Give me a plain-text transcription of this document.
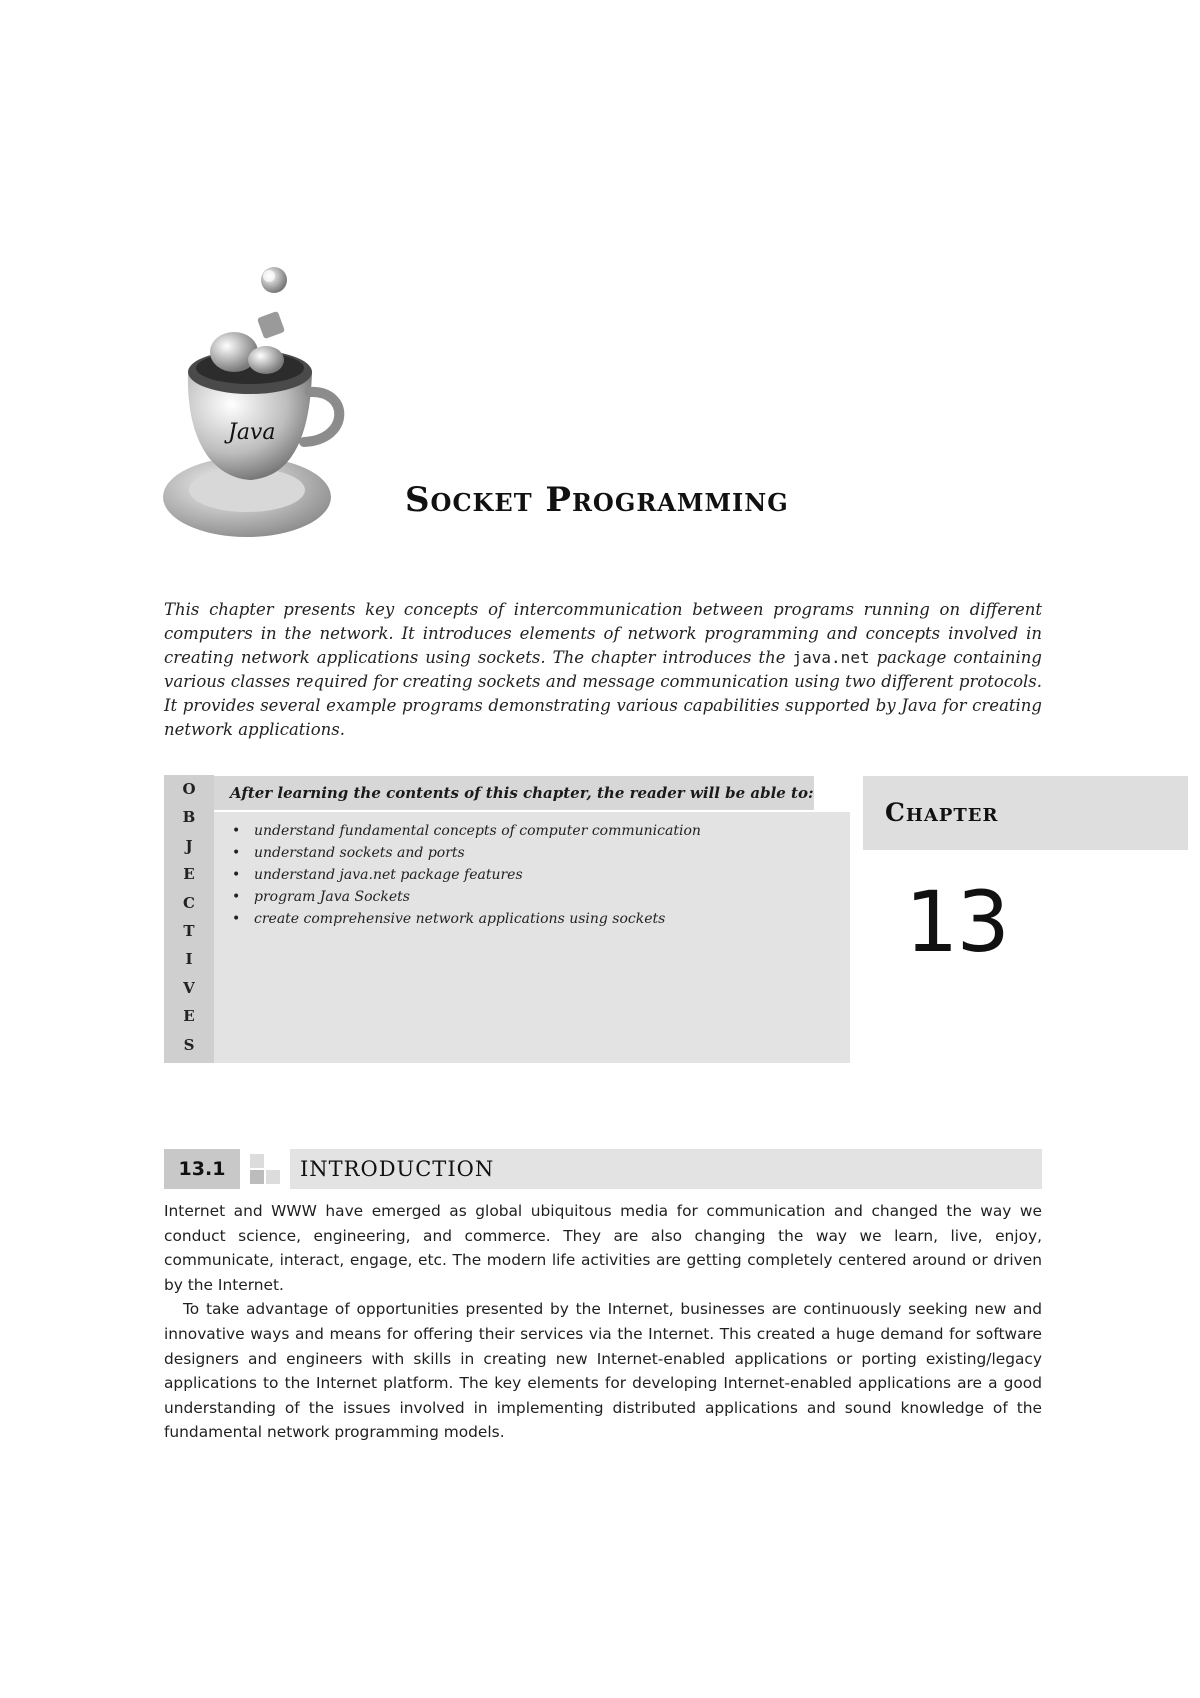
Java
Socket Programming

This chapter presents key concepts of intercommunication between programs running on different computers in the network. It introduces elements of network programming and concepts involved in creating network applications using sockets. The chapter introduces the java.net package containing various classes required for creating sockets and message communication using two different protocols. It provides several example programs demonstrating various capabilities supported by Java for creating network applications.

O
B
J
E
C
T
I
V
E
S
After learning the contents of this chapter, the reader will be able to:
• understand fundamental concepts of computer communication
• understand sockets and ports
• understand java.net package features
• program Java Sockets
• create comprehensive network applications using sockets
Chapter
13
13.1	INTRODUCTION

Internet and WWW have emerged as global ubiquitous media for communication and changed the way we conduct science, engineering, and commerce. They are also changing the way we learn, live, enjoy, communicate, interact, engage, etc. The modern life activities are getting completely centered around or driven by the Internet.

To take advantage of opportunities presented by the Internet, businesses are continuously seeking new and innovative ways and means for offering their services via the Internet. This created a huge demand for software designers and engineers with skills in creating new Internet-enabled applications or porting existing/legacy applications to the Internet platform. The key elements for developing Internet-enabled applications are a good understanding of the issues involved in implementing distributed applications and sound knowledge of the fundamental network programming models.
